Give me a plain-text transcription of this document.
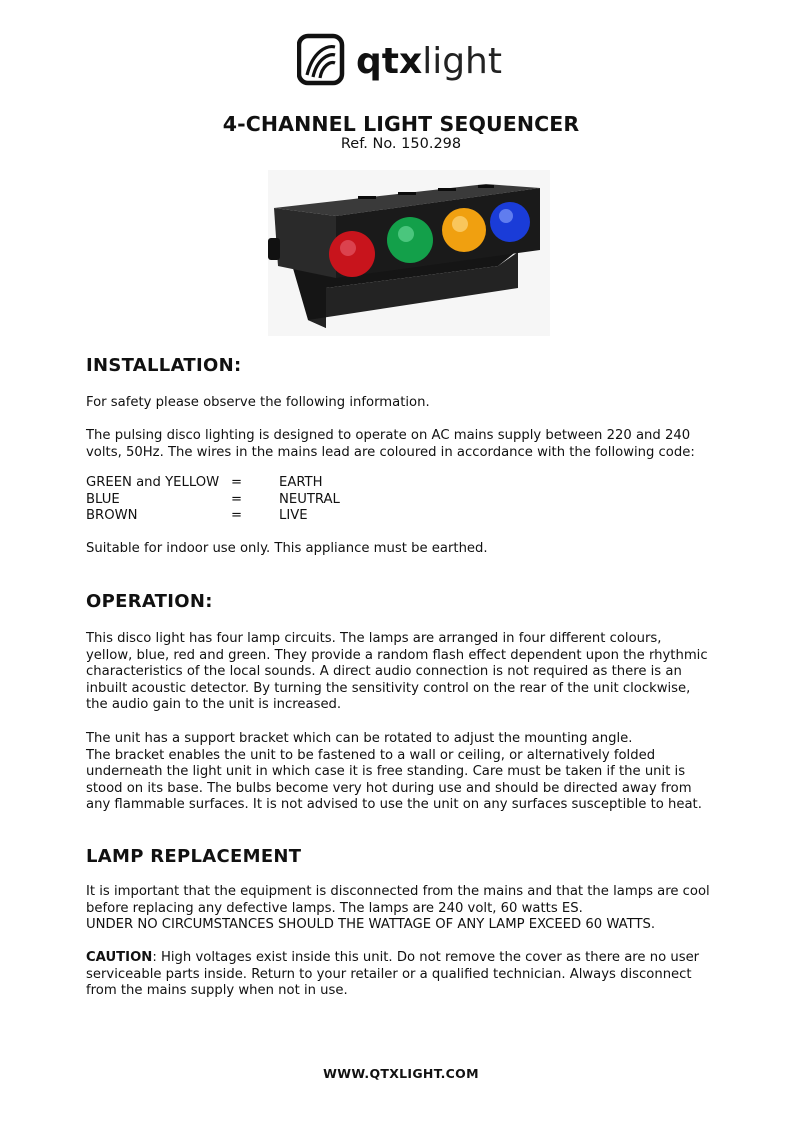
qtxlight
4-CHANNEL LIGHT SEQUENCER
Ref. No. 150.298
INSTALLATION:
For safety please observe the following information.
The pulsing disco lighting is designed to operate on AC mains supply between 220 and 240
volts, 50Hz. The wires in the mains lead are coloured in accordance with the following code:
GREEN and YELLOW =	EARTH
BLUE	=	NEUTRAL
BROWN	=	LIVE
Suitable for indoor use only. This appliance must be earthed.
OPERATION:
This disco light has four lamp circuits. The lamps are arranged in four different colours,
yellow, blue, red and green. They provide a random flash effect dependent upon the rhythmic
characteristics of the local sounds. A direct audio connection is not required as there is an
inbuilt acoustic detector. By turning the sensitivity control on the rear of the unit clockwise,
the audio gain to the unit is increased.
The unit has a support bracket which can be rotated to adjust the mounting angle.
The bracket enables the unit to be fastened to a wall or ceiling, or alternatively folded
underneath the light unit in which case it is free standing. Care must be taken if the unit is
stood on its base. The bulbs become very hot during use and should be directed away from
any flammable surfaces. It is not advised to use the unit on any surfaces susceptible to heat.
LAMP REPLACEMENT
It is important that the equipment is disconnected from the mains and that the lamps are cool
before replacing any defective lamps. The lamps are 240 volt, 60 watts ES.
UNDER NO CIRCUMSTANCES SHOULD THE WATTAGE OF ANY LAMP EXCEED 60 WATTS.
CAUTION: High voltages exist inside this unit. Do not remove the cover as there are no user
serviceable parts inside. Return to your retailer or a qualified technician. Always disconnect
from the mains supply when not in use.
WWW.QTXLIGHT.COM
